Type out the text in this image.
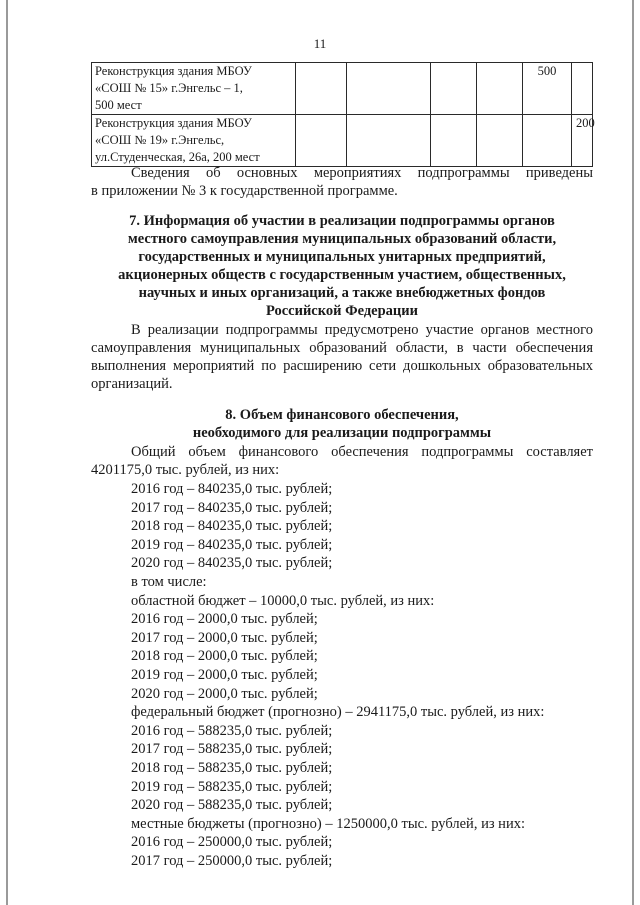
11
Реконструкция здания МБОУ
«СОШ № 15» г.Энгельс – 1,
500 мест					500	

Реконструкция здания МБОУ
«СОШ № 19» г.Энгельс,
ул.Студенческая, 26а, 200 мест						200
Сведения об основных мероприятиях подпрограммы приведены
в приложении № 3 к государственной программе.
7. Информация об участии в реализации подпрограммы органов
местного самоуправления муниципальных образований области,
государственных и муниципальных унитарных предприятий,
акционерных обществ с государственным участием, общественных,
научных и иных организаций, а также внебюджетных фондов
Российской Федерации
В реализации подпрограммы предусмотрено участие органов местного
самоуправления муниципальных образований области, в части обеспечения
выполнения мероприятий по расширению сети дошкольных образовательных
организаций.
8. Объем финансового обеспечения,
необходимого для реализации подпрограммы
Общий объем финансового обеспечения подпрограммы составляет
4201175,0 тыс. рублей, из них:
2016 год – 840235,0 тыс. рублей;
2017 год – 840235,0 тыс. рублей;
2018 год – 840235,0 тыс. рублей;
2019 год – 840235,0 тыс. рублей;
2020 год – 840235,0 тыс. рублей;
в том числе:
областной бюджет – 10000,0 тыс. рублей, из них:
2016 год – 2000,0 тыс. рублей;
2017 год – 2000,0 тыс. рублей;
2018 год – 2000,0 тыс. рублей;
2019 год – 2000,0 тыс. рублей;
2020 год – 2000,0 тыс. рублей;
федеральный бюджет (прогнозно) – 2941175,0 тыс. рублей, из них:
2016 год – 588235,0 тыс. рублей;
2017 год – 588235,0 тыс. рублей;
2018 год – 588235,0 тыс. рублей;
2019 год – 588235,0 тыс. рублей;
2020 год – 588235,0 тыс. рублей;
местные бюджеты (прогнозно) – 1250000,0 тыс. рублей, из них:
2016 год – 250000,0 тыс. рублей;
2017 год – 250000,0 тыс. рублей;
